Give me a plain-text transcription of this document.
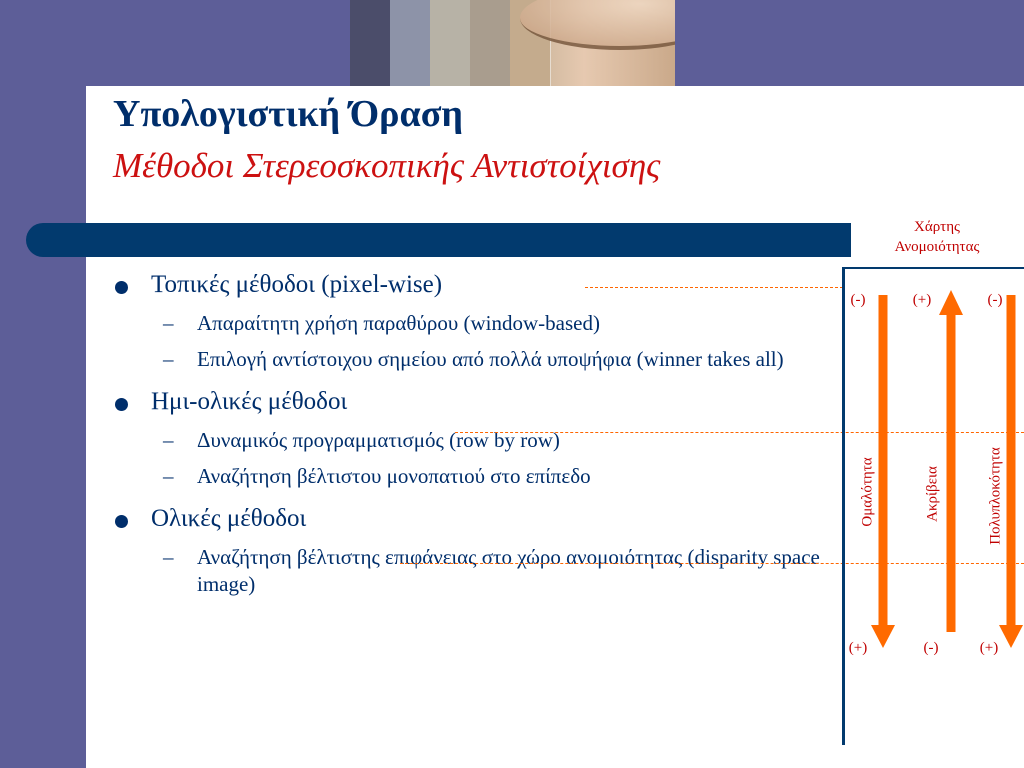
Υπολογιστική Όραση
Μέθοδοι Στερεοσκοπικής Αντιστοίχισης

Τοπικές μέθοδοι (pixel-wise)

– Απαραίτητη χρήση παραθύρου (window-based)

– Επιλογή αντίστοιχου σημείου από πολλά υποψήφια (winner takes all)

Ημι-ολικές μέθοδοι

– Δυναμικός προγραμματισμός (row by row)

– Αναζήτηση βέλτιστου μονοπατιού στο επίπεδο

Ολικές μέθοδοι

– Αναζήτηση βέλτιστης επιφάνειας στο χώρο ανομοιότητας (disparity space image)

Χάρτης
Ανομοιότητας
(-)
(+)
(+)
(-)
(-)
(+)
Ομαλότητα	Ακρίβεια	Πολυπλοκότητα
